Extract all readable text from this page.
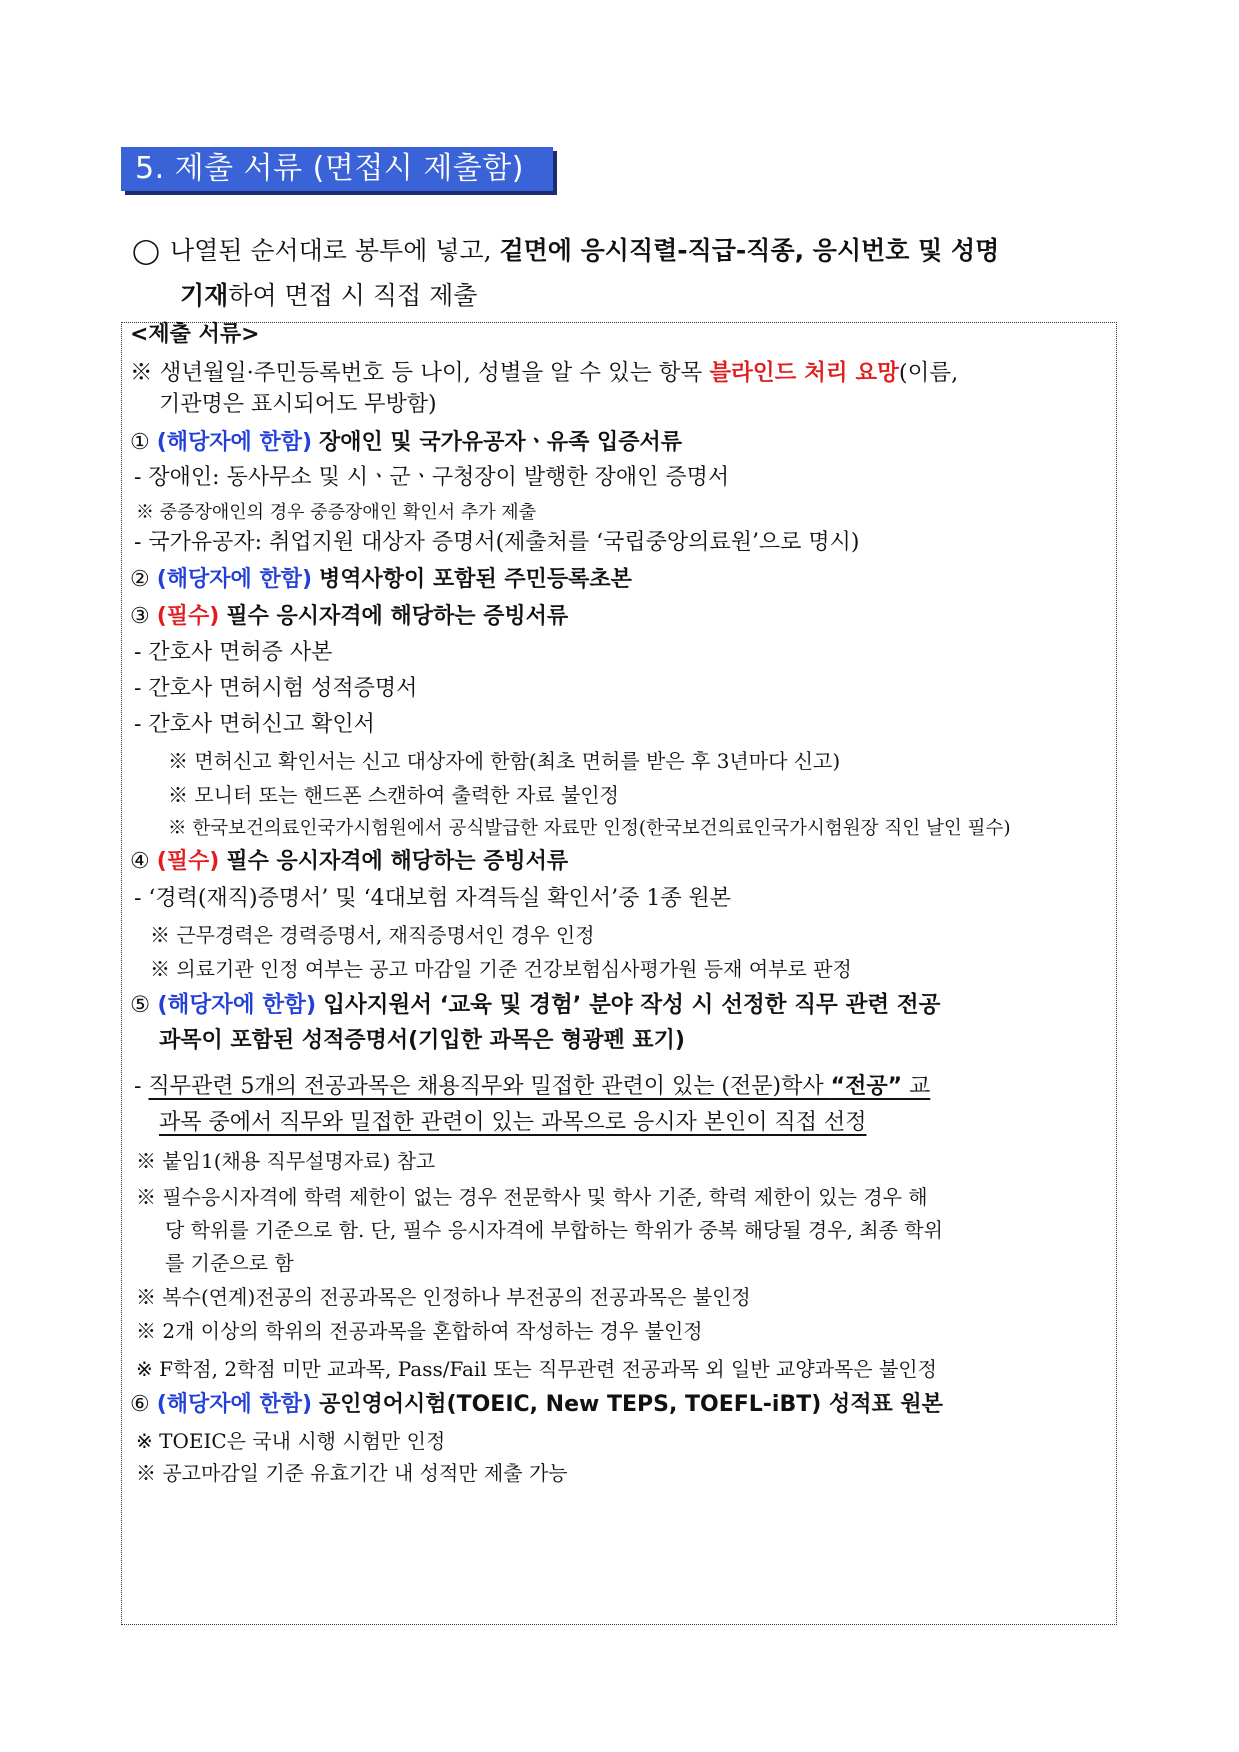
5. 제출 서류 (면접시 제출함)
◯ 나열된 순서대로 봉투에 넣고, 겉면에 응시직렬-직급-직종, 응시번호 및 성명
기재하여 면접 시 직접 제출
<제출 서류>
※ 생년월일·주민등록번호 등 나이, 성별을 알 수 있는 항목 블라인드 처리 요망(이름,
기관명은 표시되어도 무방함)
① (해당자에 한함) 장애인 및 국가유공자ㆍ유족 입증서류
- 장애인: 동사무소 및 시ㆍ군ㆍ구청장이 발행한 장애인 증명서
※ 중증장애인의 경우 중증장애인 확인서 추가 제출
- 국가유공자: 취업지원 대상자 증명서(제출처를 ‘국립중앙의료원’으로 명시)
② (해당자에 한함) 병역사항이 포함된 주민등록초본
③ (필수) 필수 응시자격에 해당하는 증빙서류
- 간호사 면허증 사본
- 간호사 면허시험 성적증명서
- 간호사 면허신고 확인서
※ 면허신고 확인서는 신고 대상자에 한함(최초 면허를 받은 후 3년마다 신고)
※ 모니터 또는 핸드폰 스캔하여 출력한 자료 불인정
※ 한국보건의료인국가시험원에서 공식발급한 자료만 인정(한국보건의료인국가시험원장 직인 날인 필수)
④ (필수) 필수 응시자격에 해당하는 증빙서류
- ‘경력(재직)증명서’ 및 ‘4대보험 자격득실 확인서’중 1종 원본
※ 근무경력은 경력증명서, 재직증명서인 경우 인정
※ 의료기관 인정 여부는 공고 마감일 기준 건강보험심사평가원 등재 여부로 판정
⑤ (해당자에 한함) 입사지원서 ‘교육 및 경험’ 분야 작성 시 선정한 직무 관련 전공
과목이 포함된 성적증명서(기입한 과목은 형광펜 표기)
- 직무관련 5개의 전공과목은 채용직무와 밀접한 관련이 있는 (전문)학사 “전공” 교
과목 중에서 직무와 밀접한 관련이 있는 과목으로 응시자 본인이 직접 선정
※ 붙임1(채용 직무설명자료) 참고
※ 필수응시자격에 학력 제한이 없는 경우 전문학사 및 학사 기준, 학력 제한이 있는 경우 해
당 학위를 기준으로 함. 단, 필수 응시자격에 부합하는 학위가 중복 해당될 경우, 최종 학위
를 기준으로 함
※ 복수(연계)전공의 전공과목은 인정하나 부전공의 전공과목은 불인정
※ 2개 이상의 학위의 전공과목을 혼합하여 작성하는 경우 불인정
※ F학점, 2학점 미만 교과목, Pass/Fail 또는 직무관련 전공과목 외 일반 교양과목은 불인정
⑥ (해당자에 한함) 공인영어시험(TOEIC, New TEPS, TOEFL-iBT) 성적표 원본
※ TOEIC은 국내 시행 시험만 인정
※ 공고마감일 기준 유효기간 내 성적만 제출 가능
